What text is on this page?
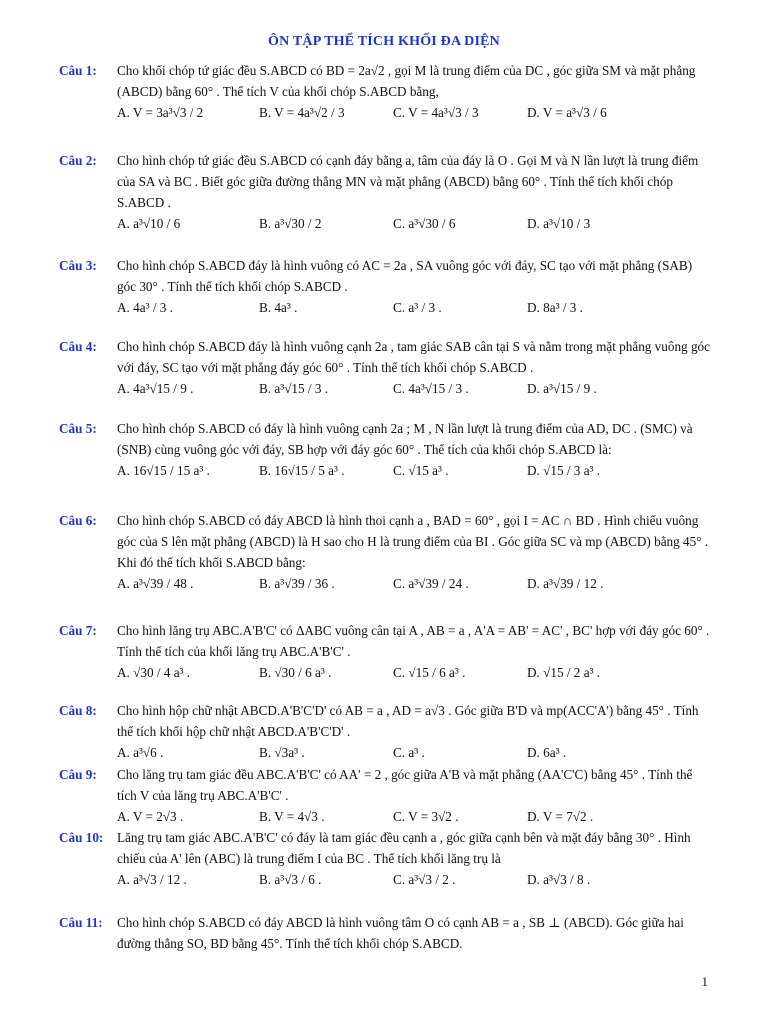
ÔN TẬP THỂ TÍCH KHỐI ĐA DIỆN
Câu 1: Cho khối chóp tứ giác đều S.ABCD có BD = 2a√2 , gọi M là trung điểm của DC , góc giữa SM và mặt phẳng (ABCD) bằng 60° . Thể tích V của khối chóp S.ABCD bằng,
A. V = 3a³√3 / 2	B. V = 4a³√2 / 3	C. V = 4a³√3 / 3	D. V = a³√3 / 6
Câu 2: Cho hình chóp tứ giác đều S.ABCD có cạnh đáy bằng a, tâm của đáy là O . Gọi M và N lần lượt là trung điểm của SA và BC . Biết góc giữa đường thẳng MN và mặt phẳng (ABCD) bằng 60° . Tính thể tích khối chóp S.ABCD .
A. a³√10 / 6	B. a³√30 / 2	C. a³√30 / 6	D. a³√10 / 3
Câu 3: Cho hình chóp S.ABCD đáy là hình vuông có AC = 2a , SA vuông góc với đáy, SC tạo với mặt phẳng (SAB) góc 30° . Tính thể tích khối chóp S.ABCD .
A. 4a³ / 3 .	B. 4a³ .	C. a³ / 3 .	D. 8a³ / 3 .
Câu 4: Cho hình chóp S.ABCD đáy là hình vuông cạnh 2a , tam giác SAB cân tại S và nằm trong mặt phẳng vuông góc với đáy, SC tạo với mặt phẳng đáy góc 60° . Tính thể tích khối chóp S.ABCD .
A. 4a³√15 / 9 .	B. a³√15 / 3 .	C. 4a³√15 / 3 .	D. a³√15 / 9 .
Câu 5: Cho hình chóp S.ABCD có đáy là hình vuông cạnh 2a ; M , N lần lượt là trung điểm của AD, DC . (SMC) và (SNB) cùng vuông góc với đáy, SB hợp với đáy góc 60° . Thể tích của khối chóp S.ABCD là:
A. 16√15 / 15 a³ .	B. 16√15 / 5 a³ .	C. √15 a³ .	D. √15 / 3 a³ .
Câu 6: Cho hình chóp S.ABCD có đáy ABCD là hình thoi cạnh a , BAD = 60° , gọi I = AC ∩ BD . Hình chiếu vuông góc của S lên mặt phẳng (ABCD) là H sao cho H là trung điểm của BI . Góc giữa SC và mp (ABCD) bằng 45° . Khi đó thể tích khối S.ABCD bằng:
A. a³√39 / 48 .	B. a³√39 / 36 .	C. a³√39 / 24 .	D. a³√39 / 12 .
Câu 7: Cho hình lăng trụ ABC.A'B'C' có ΔABC vuông cân tại A , AB = a , A'A = AB' = AC' , BC' hợp với đáy góc 60° . Tính thể tích của khối lăng trụ ABC.A'B'C' .
A. √30 / 4 a³ .	B. √30 / 6 a³ .	C. √15 / 6 a³ .	D. √15 / 2 a³ .
Câu 8: Cho hình hộp chữ nhật ABCD.A'B'C'D' có AB = a , AD = a√3 . Góc giữa B'D và mp(ACC'A') bằng 45° . Tính thể tích khối hộp chữ nhật ABCD.A'B'C'D' .
A. a³√6 .	B. √3a³ .	C. a³ .	D. 6a³ .
Câu 9: Cho lăng trụ tam giác đều ABC.A'B'C' có AA' = 2 , góc giữa A'B và mặt phẳng (AA'C'C) bằng 45° . Tính thể tích V của lăng trụ ABC.A'B'C' .
A. V = 2√3 .	B. V = 4√3 .	C. V = 3√2 .	D. V = 7√2 .
Câu 10: Lăng trụ tam giác ABC.A'B'C' có đáy là tam giác đều cạnh a , góc giữa cạnh bên và mặt đáy bằng 30° . Hình chiếu của A' lên (ABC) là trung điểm I của BC . Thể tích khối lăng trụ là
A. a³√3 / 12 .	B. a³√3 / 6 .	C. a³√3 / 2 .	D. a³√3 / 8 .
Câu 11: Cho hình chóp S.ABCD có đáy ABCD là hình vuông tâm O có cạnh AB = a , SB ⊥ (ABCD). Góc giữa hai đường thẳng SO, BD bằng 45°. Tính thể tích khối chóp S.ABCD.
1
